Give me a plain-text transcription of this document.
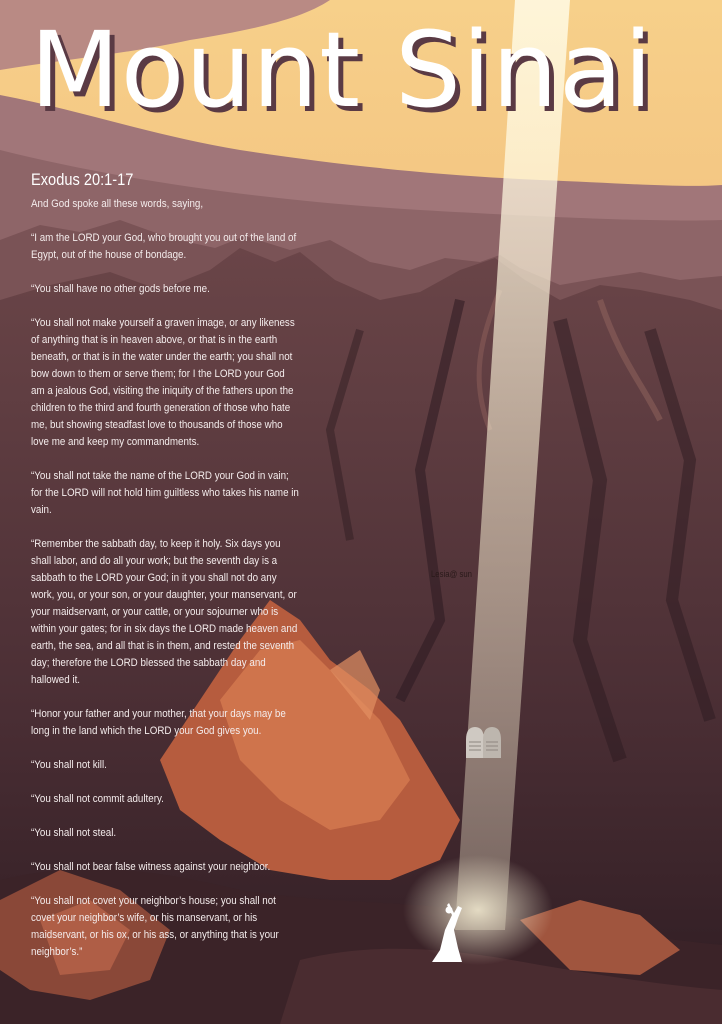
Mount Sinai
Exodus 20:1-17

And God spoke all these words, saying,

“I am the LORD your God, who brought you out of the land of Egypt, out of the house of bondage.

“You shall have no other gods before me.

“You shall not make yourself a graven image, or any likeness of anything that is in heaven above, or that is in the earth beneath, or that is in the water under the earth; you shall not bow down to them or serve them; for I the LORD your God am a jealous God, visiting the iniquity of the fathers upon the children to the third and fourth generation of those who hate me, but showing steadfast love to thousands of those who love me and keep my commandments.

“You shall not take the name of the LORD your God in vain; for the LORD will not hold him guiltless who takes his name in vain.

“Remember the sabbath day, to keep it holy. Six days you shall labor, and do all your work; but the seventh day is a sabbath to the LORD your God; in it you shall not do any work, you, or your son, or your daughter, your manservant, or your maidservant, or your cattle, or your sojourner who is within your gates; for in six days the LORD made heaven and earth, the sea, and all that is in them, and rested the seventh day; therefore the LORD blessed the sabbath day and hallowed it.

“Honor your father and your mother, that your days may be long in the land which the LORD your God gives you.

“You shall not kill.

“You shall not commit adultery.

“You shall not steal.

“You shall not bear false witness against your neighbor.

“You shall not covet your neighbor’s house; you shall not covet your neighbor’s wife, or his manservant, or his maidservant, or his ox, or his ass, or anything that is your neighbor’s.”

Lesia@ sun
